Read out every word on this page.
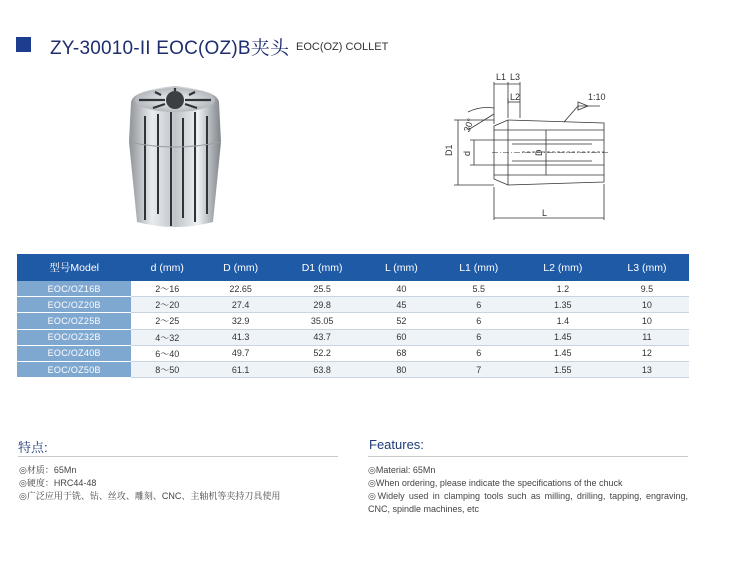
ZY-30010-II EOC(OZ)B夹头 EOC(OZ) COLLET
L1 L3
L2	1:10
30°
D1 d	D
L
型号Model	d (mm)	D (mm)	D1 (mm)	L (mm)	L1 (mm)	L2 (mm)	L3 (mm)
EOC/OZ16B	2～16	22.65	25.5	40	5.5	1.2	9.5
EOC/OZ20B	2～20	27.4	29.8	45	6	1.35	10
EOC/OZ25B	2～25	32.9	35.05	52	6	1.4	10
EOC/OZ32B	4～32	41.3	43.7	60	6	1.45	11
EOC/OZ40B	6～40	49.7	52.2	68	6	1.45	12
EOC/OZ50B	8～50	61.1	63.8	80	7	1.55	13
特点:

◎材质：65Mn

◎硬度：HRC44-48

◎广泛应用于铣、钻、丝攻、雕刻、CNC、主轴机等夹持刀具使用

Features:

◎Material: 65Mn

◎When ordering, please indicate the specifications of the chuck

◎Widely used in clamping tools such as milling, drilling, tapping, engraving, CNC, spindle machines, etc
